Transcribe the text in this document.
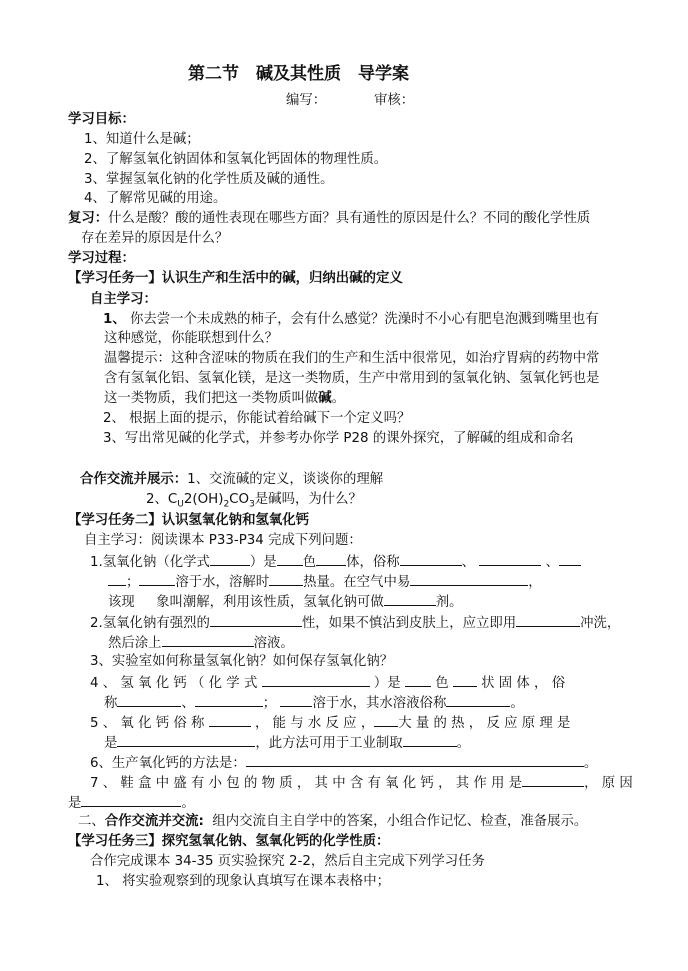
第二节　碱及其性质　导学案
编写：	审核：
学习目标：
1、知道什么是碱；
2、了解氢氧化钠固体和氢氧化钙固体的物理性质。
3、掌握氢氧化钠的化学性质及碱的通性。
4、了解常见碱的用途。
复习：什么是酸？酸的通性表现在哪些方面？具有通性的原因是什么？不同的酸化学性质
存在差异的原因是什么？
学习过程：
【学习任务一】认识生产和生活中的碱，归纳出碱的定义
自主学习：
1、 你去尝一个未成熟的柿子，会有什么感觉？洗澡时不小心有肥皂泡溅到嘴里也有
这种感觉，你能联想到什么？
温馨提示：这种含涩味的物质在我们的生产和生活中很常见，如治疗胃病的药物中常
含有氢氧化铝、氢氧化镁，是这一类物质，生产中常用到的氢氧化钠、氢氧化钙也是
这一类物质，我们把这一类物质叫做碱。
2、 根据上面的提示，你能试着给碱下一个定义吗？
3、写出常见碱的化学式，并参考办你学 P28 的课外探究，了解碱的组成和命名
合作交流并展示：1、交流碱的定义，谈谈你的理解
2、$C_U2(OH)_2CO_3$是碱吗，为什么？
【学习任务二】认识氢氧化钠和氢氧化钙
自主学习：阅读课本 P33-P34 完成下列问题：
1.氢氧化钠（化学式	）是 色 体，俗称	、	、
；	溶于水，溶解时	热量。在空气中易	，
该现 象叫潮解，利用该性质，氢氧化钠可做	剂。
2.氢氧化钠有强烈的	性，如果不慎沾到皮肤上，应立即用	冲洗，
然后涂上	溶液。
3、实验室如何称量氢氧化钠？如何保存氢氧化钠？
4 、 氢 氧 化 钙 （ 化 学 式	）是	色 状 固 体 ， 俗
称	、	；	溶于水，其水溶液俗称	。
5 、 氧 化 钙 俗 称	， 能 与 水 反 应 ， 大 量 的 热 ， 反 应 原 理 是
是	，此方法可用于工业制取	。
6、生产氧化钙的方法是：	。
7 、 鞋 盒 中 盛 有 小 包 的 物 质 ， 其 中 含 有 氧 化 钙 ， 其 作 用 是	， 原 因
是	。
二、合作交流并交流: 组内交流自主自学中的答案，小组合作记忆、检查，准备展示。
【学习任务三】探究氢氧化钠、氢氧化钙的化学性质：
合作完成课本 34-35 页实验探究 2-2，然后自主完成下列学习任务
1、 将实验观察到的现象认真填写在课本表格中；
